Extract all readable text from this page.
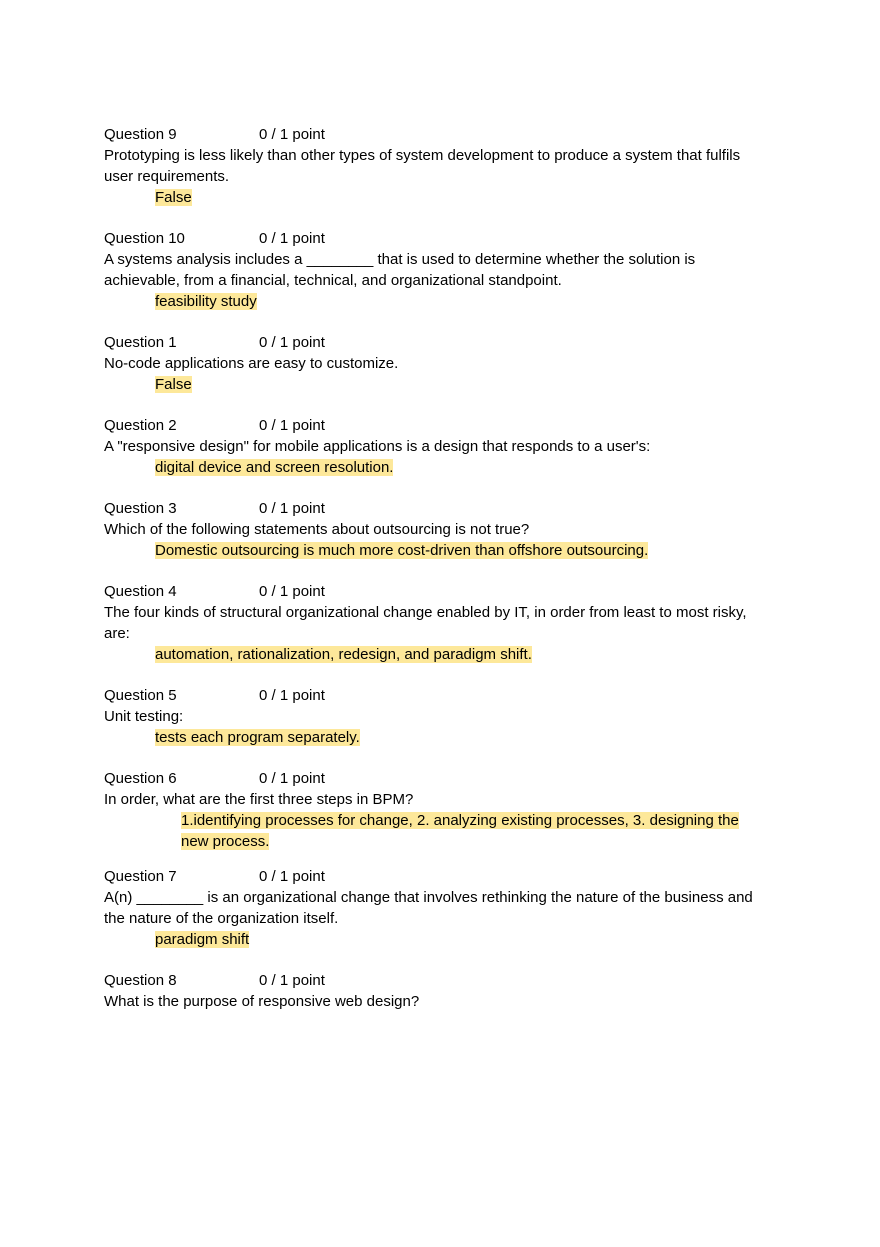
Question 9	0 / 1 point
Prototyping is less likely than other types of system development to produce a system that fulfils user requirements.
False
Question 10	0 / 1 point
A systems analysis includes a ________ that is used to determine whether the solution is achievable, from a financial, technical, and organizational standpoint.
feasibility study
Question 1	0 / 1 point
No-code applications are easy to customize.
False
Question 2	0 / 1 point
A "responsive design" for mobile applications is a design that responds to a user's:
digital device and screen resolution.
Question 3	0 / 1 point
Which of the following statements about outsourcing is not true?
Domestic outsourcing is much more cost-driven than offshore outsourcing.
Question 4	0 / 1 point
The four kinds of structural organizational change enabled by IT, in order from least to most risky, are:
automation, rationalization, redesign, and paradigm shift.
Question 5	0 / 1 point
Unit testing:
tests each program separately.
Question 6	0 / 1 point
In order, what are the first three steps in BPM?
1.identifying processes for change, 2. analyzing existing processes, 3. designing the new process.
Question 7	0 / 1 point
A(n) ________ is an organizational change that involves rethinking the nature of the business and the nature of the organization itself.
paradigm shift
Question 8	0 / 1 point
What is the purpose of responsive web design?
